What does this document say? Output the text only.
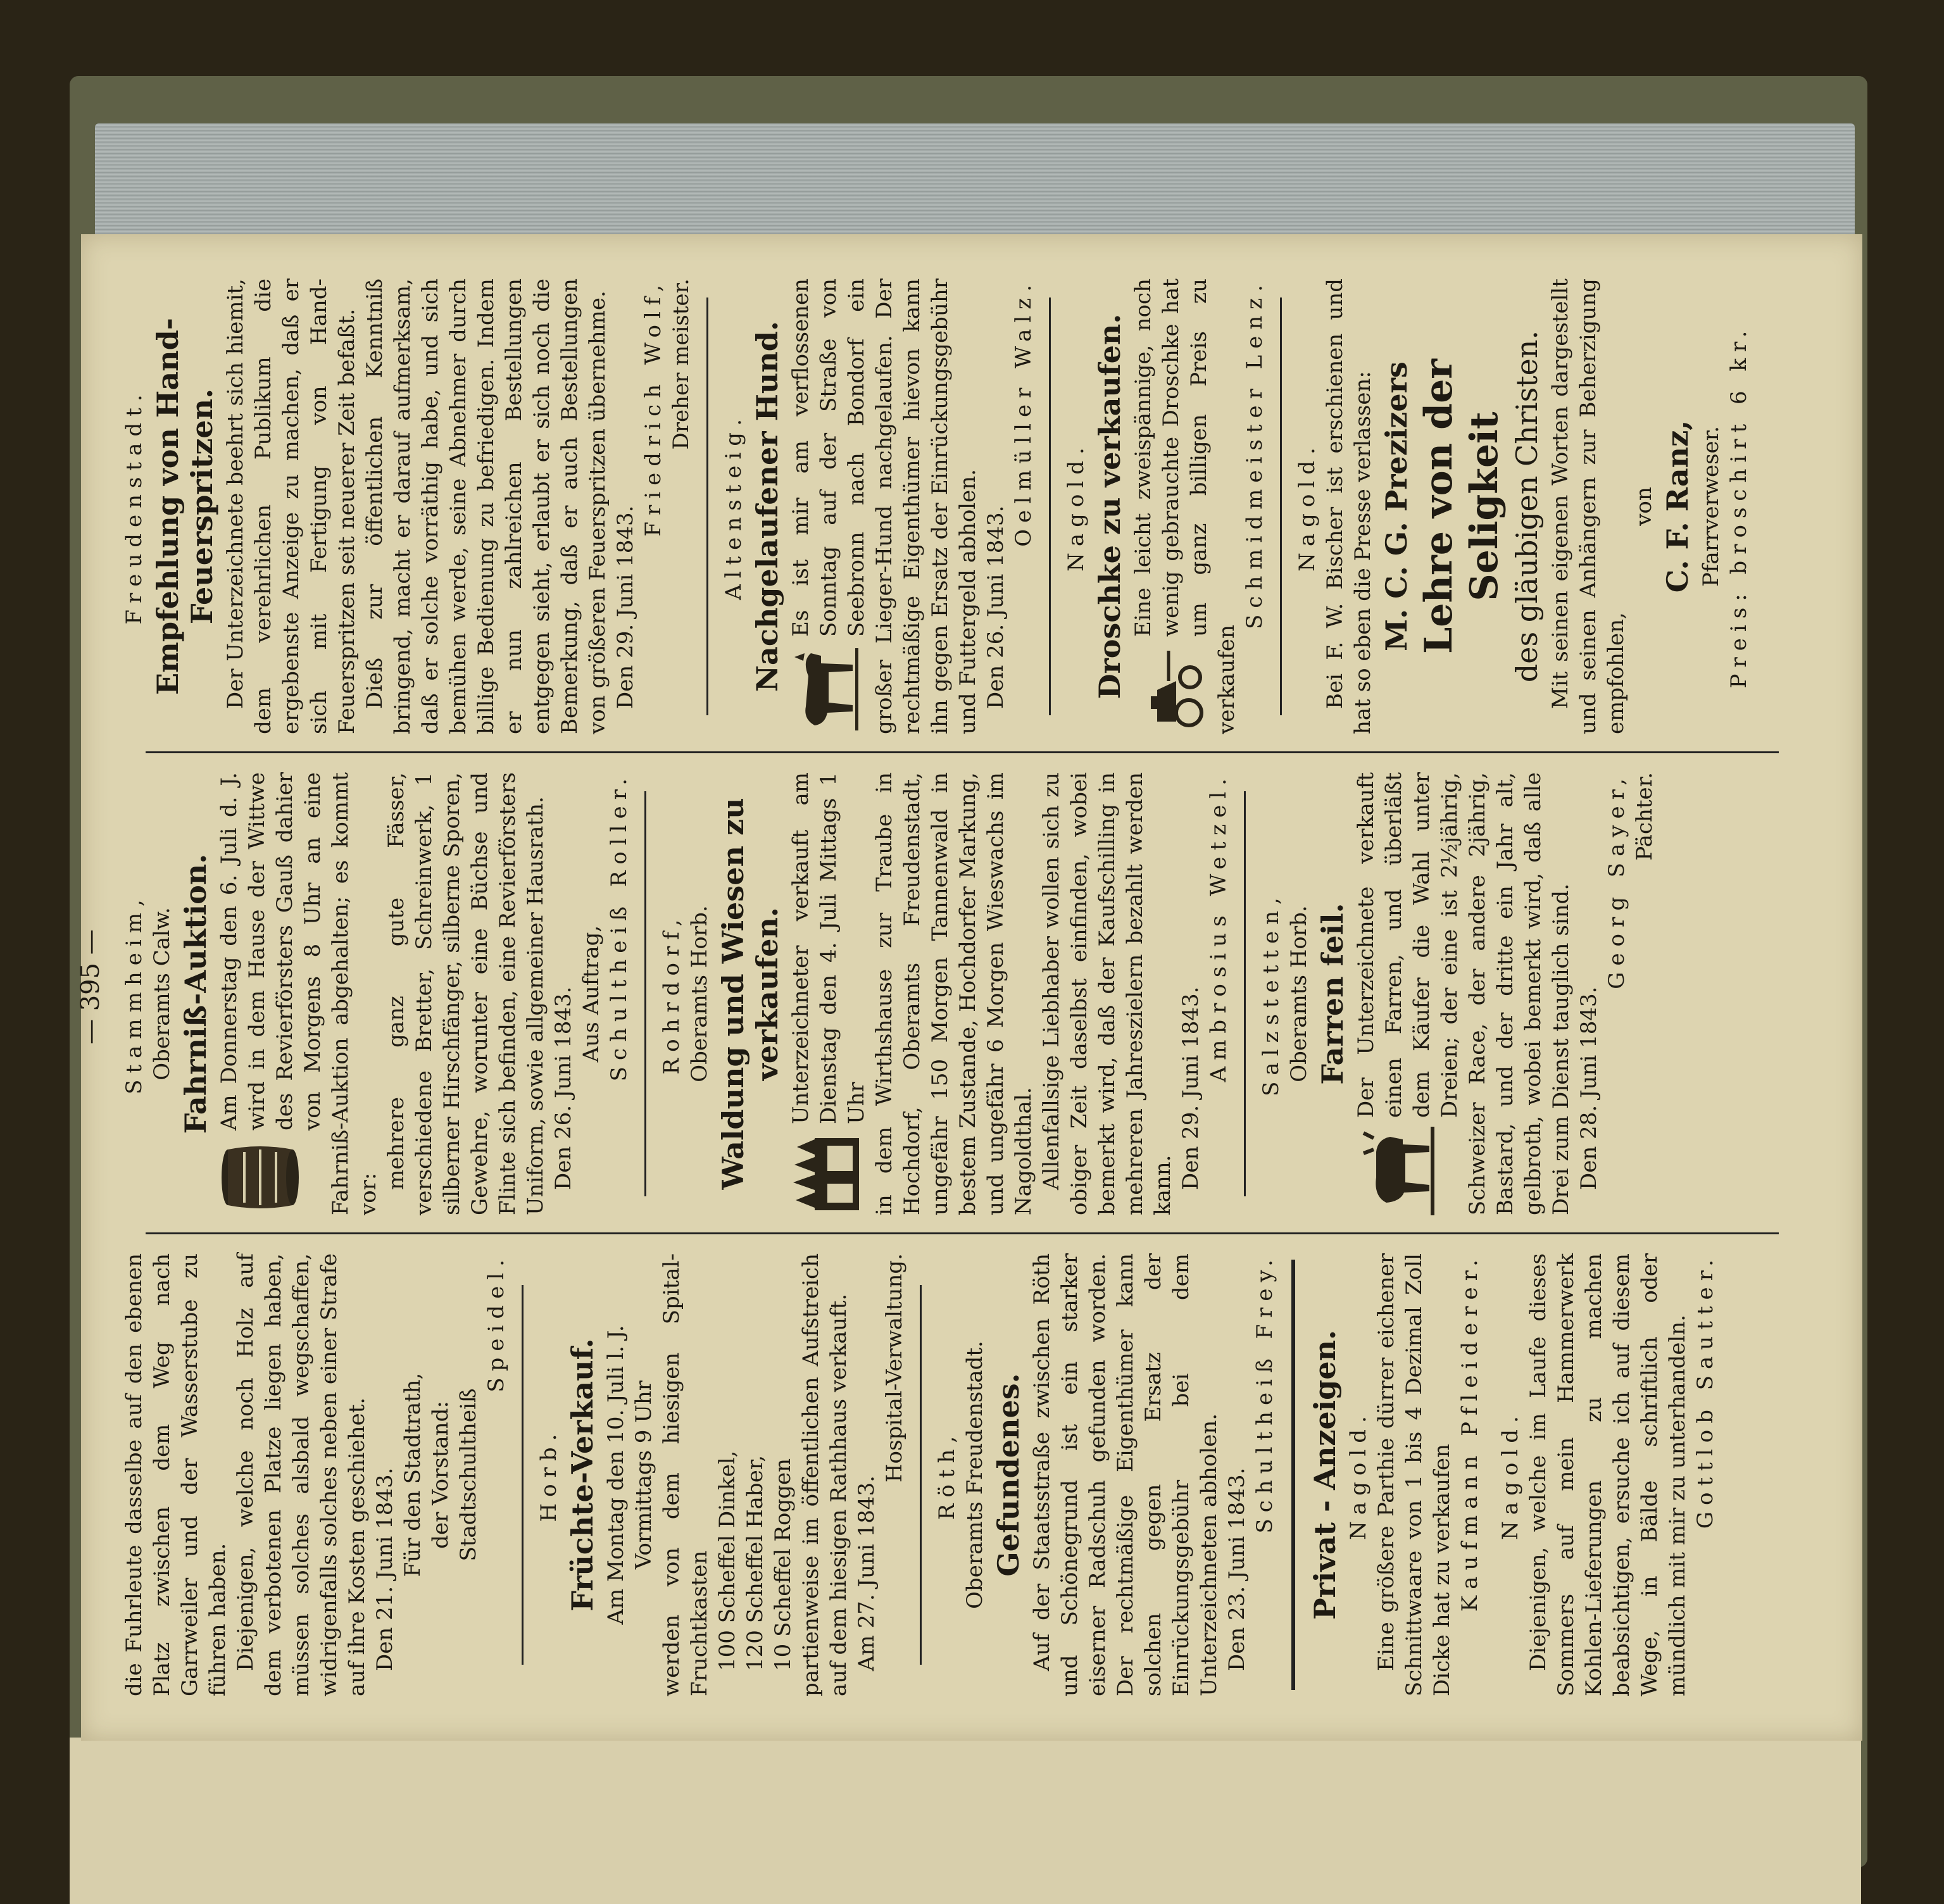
— 395 —

die Fuhrleute dasselbe auf den ebenen Platz zwischen dem Weg nach Garrweiler und der Wasserstube zu führen haben. Diejenigen, welche noch Holz auf dem verbotenen Platze liegen haben, müssen solches alsbald wegschaffen, widrigenfalls solches neben einer Strafe auf ihre Kosten geschiehet. Den 21. Juni 1843. Für den Stadtrath, der Vorstand: Stadtschultheiß

Speidel.

Horb. Früchte-Verkauf. Am Montag den 10. Juli l. J. Vormittags 9 Uhr werden von dem hiesigen Spital-Fruchtkasten 100 Scheffel Dinkel, 120 Scheffel Haber, 10 Scheffel Roggen partienweise im öffentlichen Aufstreich auf dem hiesigen Rathhaus verkauft. Am 27. Juni 1843.

Hospital-Verwaltung. Röth, Oberamts Freudenstadt. Gefundenes. Auf der Staatsstraße zwischen Röth und Schönegrund ist ein starker eiserner Radschuh gefunden worden. Der rechtmäßige Eigenthümer kann solchen gegen Ersatz der Einrückungsgebühr bei dem Unterzeichneten abholen. Den 23. Juni 1843.

Schultheiß Frey. Privat - Anzeigen. Nagold. Eine größere Parthie dürrer eichener Schnittwaare von 1 bis 4 Dezimal Zoll Dicke hat zu verkaufen Kaufmann Pfleiderer. Nagold. Diejenigen, welche im Laufe dieses Sommers auf mein Hammerwerk Kohlen-Lieferungen zu machen beabsichtigen, ersuche ich auf diesem Wege, in Bälde schriftlich oder mündlich mit mir zu unterhandeln. Gottlob Sautter.

Stammheim, Oberamts Calw. Fahrniß-Auktion. Am Donnerstag den 6. Juli d. J. wird in dem Hause der Wittwe des Revierförsters Gauß dahier von Morgens 8 Uhr an eine Fahrniß-Auktion abgehalten; es kommt vor:

mehrere ganz gute Fässer, verschiedene Bretter, Schreinwerk, 1 silberner Hirschfänger, silberne Sporen, Gewehre, worunter eine Büchse und Flinte sich befinden, eine Revierförsters Uniform, sowie allgemeiner Hausrath. Den 26. Juni 1843. Aus Auftrag, Schultheiß Roller. Rohrdorf, Oberamts Horb. Waldung und Wiesen zu verkaufen. Unterzeichneter verkauft am Dienstag den 4. Juli Mittags 1 Uhr in dem Wirthshause zur Traube in Hochdorf, Oberamts Freudenstadt, ungefähr 150 Morgen Tannenwald in bestem Zustande, Hochdorfer Markung, und ungefähr 6 Morgen Wieswachs im Nagoldthal. Allenfallsige Liebhaber wollen sich zu obiger Zeit daselbst einfinden, wobei bemerkt wird, daß der Kaufschilling in mehreren Jahreszielern bezahlt werden kann. Den 29. Juni 1843.

Ambrosius Wetzel. Salzstetten, Oberamts Horb. Farren feil. Der Unterzeichnete verkauft einen Farren, und überläßt dem Käufer die Wahl unter Dreien; der eine ist 2½jährig, Schweizer Race, der andere 2jährig, Bastard, und der dritte ein Jahr alt, gelbroth, wobei bemerkt wird, daß alle Drei zum Dienst tauglich sind. Den 28. Juni 1843.

Georg Sayer, Pächter.

Freudenstadt. Empfehlung von Hand-Feuerspritzen. Der Unterzeichnete beehrt sich hiemit, dem verehrlichen Publikum die ergebenste Anzeige zu machen, daß er sich mit Fertigung von Hand-Feuerspritzen seit neuerer Zeit befaßt. Dieß zur öffentlichen Kenntniß bringend, macht er darauf aufmerksam, daß er solche vorräthig habe, und sich bemühen werde, seine Abnehmer durch billige Bedienung zu befriedigen. Indem er nun zahlreichen Bestellungen entgegen sieht, erlaubt er sich noch die Bemerkung, daß er auch Bestellungen von größeren Feuerspritzen übernehme. Den 29. Juni 1843.

Friedrich Wolf, Dreher meister.

Altensteig. Nachgelaufener Hund. Es ist mir am verflossenen Sonntag auf der Straße von Seebronn nach Bondorf ein großer Lieger-Hund nachgelaufen. Der rechtmäßige Eigenthümer hievon kann ihn gegen Ersatz der Einrückungsgebühr und Futtergeld abholen. Den 26. Juni 1843.

Oelmüller Walz. Nagold. Droschke zu verkaufen. Eine leicht zweispännige, noch wenig gebrauchte Droschke hat um ganz billigen Preis zu verkaufen

Schmidmeister Lenz. Nagold. Bei F. W. Bischer ist erschienen und hat so eben die Presse verlassen: M. C. G. Prezizers Lehre von der Seligkeit des gläubigen Christen. Mit seinen eigenen Worten dargestellt und seinen Anhängern zur Beherzigung empfohlen,

von C. F. Ranz, Pfarrverweser. Preis: broschirt 6 kr.
